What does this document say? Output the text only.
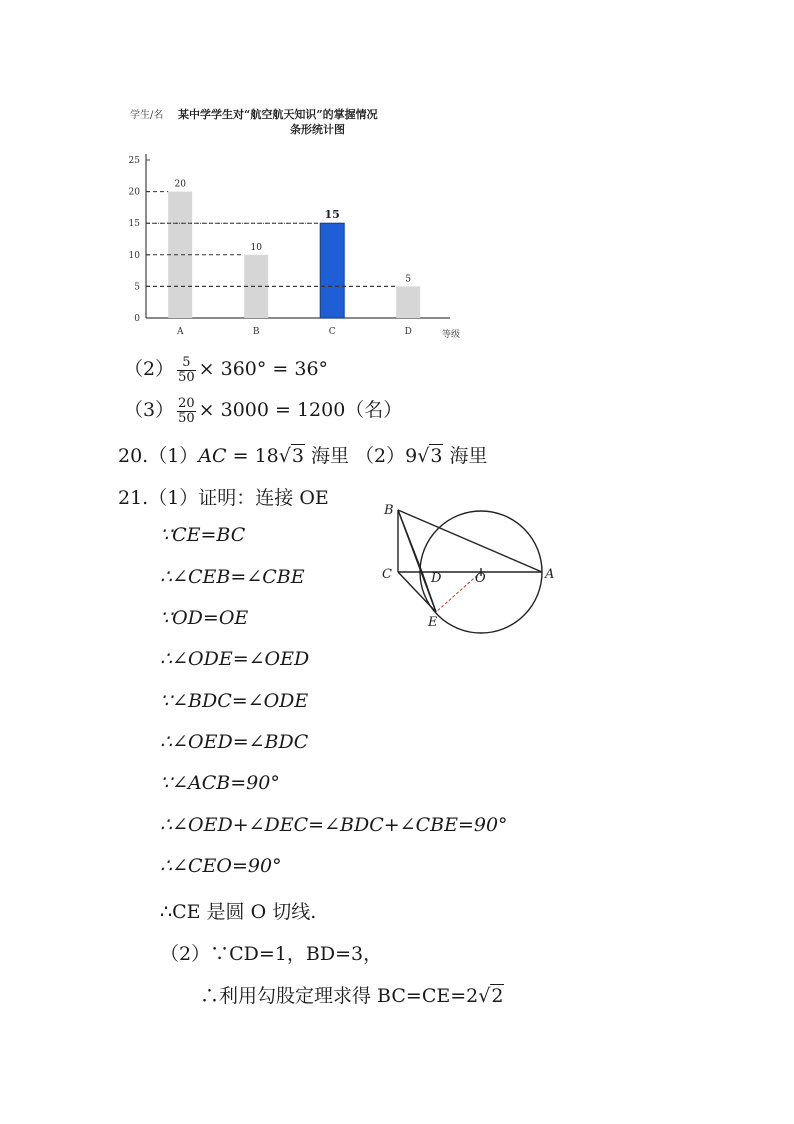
学生/名 某中学学生对“航空航天知识”的掌握情况
条形统计图
等级
0
5
10
15
20
25
20
A
10
B
15
C
5
D
$(2) \frac{5}{50} \times 360^\circ = 36^\circ$
$(3) \frac{20}{50} \times 3000 = 1200$（名）
20.（1）AC = 18√3 海里 （2）9√3 海里
21.（1）证明：连接 OE
∵CE=BC
∴∠CEB=∠CBE
∵OD=OE
∴∠ODE=∠OED
∵∠BDC=∠ODE
∴∠OED=∠BDC
∵∠ACB=90°
∴∠OED+∠DEC=∠BDC+∠CBE=90°
∴∠CEO=90°
∴CE 是圆 O 切线.
（2）∵CD=1，BD=3，
∴利用勾股定理求得 BC=CE=2√2
B
C	D	O	A
E
